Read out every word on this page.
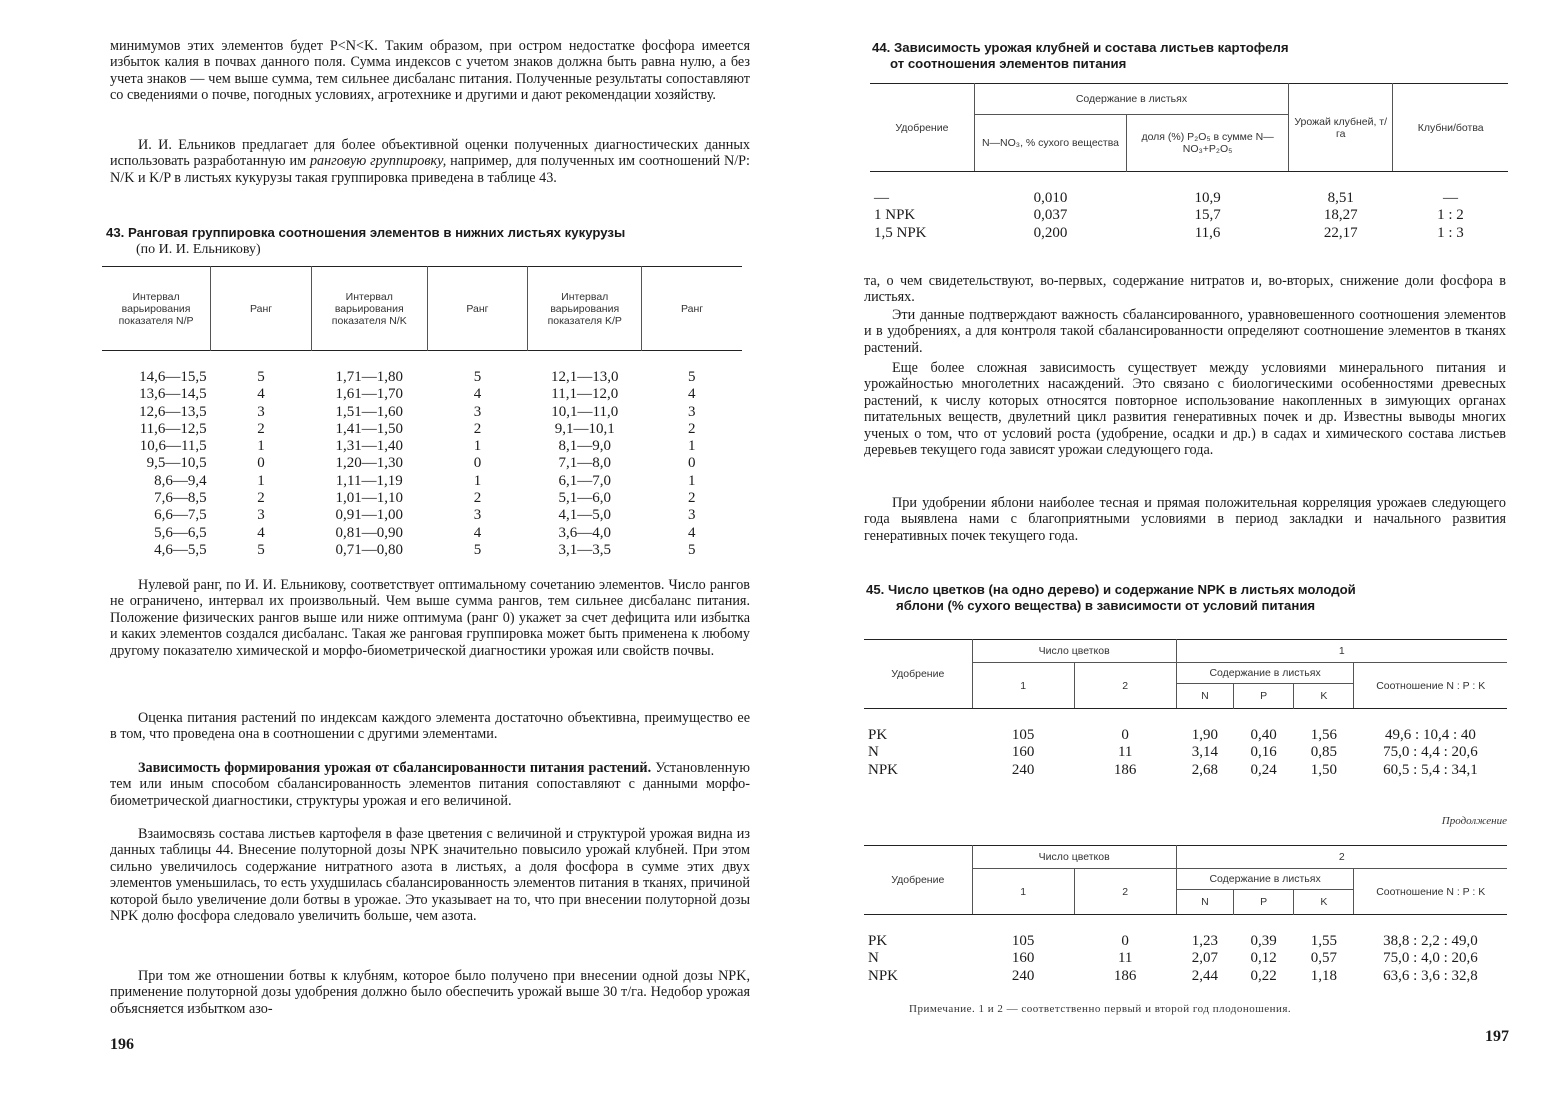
минимумов этих элементов будет P<N<K. Таким образом, при остром недостатке фосфора имеется избыток калия в почвах данного поля. Сумма индексов с учетом знаков должна быть равна нулю, а без учета знаков — чем выше сумма, тем сильнее дисбаланс питания. Полученные результаты сопоставляют со сведениями о почве, погодных условиях, агротехнике и другими и дают рекомендации хозяйству.

И. И. Ельников предлагает для более объективной оценки полученных диагностических данных использовать разработанную им ранговую группировку, например, для полученных им соотношений N/P: N/K и K/P в листьях кукурузы такая группировка приведена в таблице 43.

43. Ранговая группировка соотношения элементов в нижних листьях кукурузы
(по И. И. Ельникову)

Интервал варьирования показателя N/P	Ранг	Интервал варьирования показателя N/K	Ранг	Интервал варьирования показателя K/P	Ранг
14,6—15,5	5	1,71—1,80	5	12,1—13,0	5
13,6—14,5	4	1,61—1,70	4	11,1—12,0	4
12,6—13,5	3	1,51—1,60	3	10,1—11,0	3
11,6—12,5	2	1,41—1,50	2	9,1—10,1	2
10,6—11,5	1	1,31—1,40	1	8,1—9,0	1
9,5—10,5	0	1,20—1,30	0	7,1—8,0	0
8,6—9,4	1	1,11—1,19	1	6,1—7,0	1
7,6—8,5	2	1,01—1,10	2	5,1—6,0	2
6,6—7,5	3	0,91—1,00	3	4,1—5,0	3
5,6—6,5	4	0,81—0,90	4	3,6—4,0	4
4,6—5,5	5	0,71—0,80	5	3,1—3,5	5

Нулевой ранг, по И. И. Ельникову, соответствует оптимальному сочетанию элементов. Число рангов не ограничено, интервал их произвольный. Чем выше сумма рангов, тем сильнее дисбаланс питания. Положение физических рангов выше или ниже оптимума (ранг 0) укажет за счет дефицита или избытка и каких элементов создался дисбаланс. Такая же ранговая группировка может быть применена к любому другому показателю химической и морфо-биометрической диагностики урожая или свойств почвы.

Оценка питания растений по индексам каждого элемента достаточно объективна, преимущество ее в том, что проведена она в соотношении с другими элементами.

Зависимость формирования урожая от сбалансированности питания растений. Установленную тем или иным способом сбалансированность элементов питания сопоставляют с данными морфо-биометрической диагностики, структуры урожая и его величиной.

Взаимосвязь состава листьев картофеля в фазе цветения с величиной и структурой урожая видна из данных таблицы 44. Внесение полуторной дозы NPK значительно повысило урожай клубней. При этом сильно увеличилось содержание нитратного азота в листьях, а доля фосфора в сумме этих двух элементов уменьшилась, то есть ухудшилась сбалансированность элементов питания в тканях, причиной которой было увеличение доли ботвы в урожае. Это указывает на то, что при внесении полуторной дозы NPK долю фосфора следовало увеличить больше, чем азота.

При том же отношении ботвы к клубням, которое было получено при внесении одной дозы NPK, применение полуторной дозы удобрения должно было обеспечить урожай выше 30 т/га. Недобор урожая объясняется избытком азо-

196

44. Зависимость урожая клубней и состава листьев картофеля
от соотношения элементов питания

Удобрение	Содержание в листьях		Урожай клубней, т/га	Клубни/ботва
	N—NO₃, % сухого вещества	доля (%) P₂O₅ в сумме N—NO₃+P₂O₅		
—	0,010	10,9	8,51	—
1 NPK	0,037	15,7	18,27	1 : 2
1,5 NPK	0,200	11,6	22,17	1 : 3

та, о чем свидетельствуют, во-первых, содержание нитратов и, во-вторых, снижение доли фосфора в листьях.

Эти данные подтверждают важность сбалансированного, уравновешенного соотношения элементов и в удобрениях, а для контроля такой сбалансированности определяют соотношение элементов в тканях растений.

Еще более сложная зависимость существует между условиями минерального питания и урожайностью многолетних насаждений. Это связано с биологическими особенностями древесных растений, к числу которых относятся повторное использование накопленных в зимующих органах питательных веществ, двулетний цикл развития генеративных почек и др. Известны выводы многих ученых о том, что от условий роста (удобрение, осадки и др.) в садах и химического состава листьев деревьев текущего года зависят урожаи следующего года.

При удобрении яблони наиболее тесная и прямая положительная корреляция урожаев следующего года выявлена нами с благоприятными условиями в период закладки и начального развития генеративных почек текущего года.

45. Число цветков (на одно дерево) и содержание NPK в листьях молодой
яблони (% сухого вещества) в зависимости от условий питания

Удобрение	Число цветков		1			
	1	2	Содержание в листьях			Соотношение N : P : K
			N	P	K	
PK	105	0	1,90	0,40	1,56	49,6 : 10,4 : 40
N	160	11	3,14	0,16	0,85	75,0 : 4,4 : 20,6
NPK	240	186	2,68	0,24	1,50	60,5 : 5,4 : 34,1
Продолжение
Удобрение	Число цветков		2			
	1	2	Содержание в листьях			Соотношение N : P : K
			N	P	K	
PK	105	0	1,23	0,39	1,55	38,8 : 2,2 : 49,0
N	160	11	2,07	0,12	0,57	75,0 : 4,0 : 20,6
NPK	240	186	2,44	0,22	1,18	63,6 : 3,6 : 32,8

Примечание. 1 и 2 — соответственно первый и второй год плодоношения.

197
